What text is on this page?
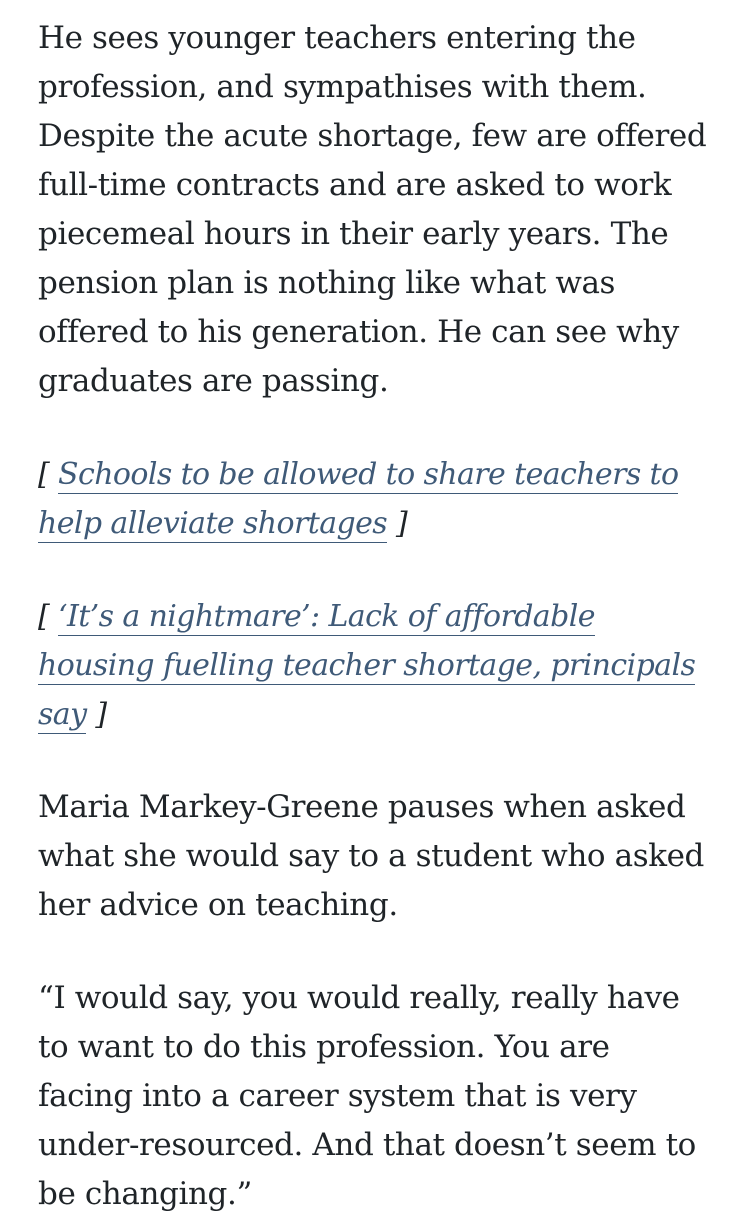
He sees younger teachers entering the profession, and sympathises with them. Despite the acute shortage, few are offered full-time contracts and are asked to work piecemeal hours in their early years. The pension plan is nothing like what was offered to his generation. He can see why graduates are passing.

[ Schools to be allowed to share teachers to help alleviate shortages ]

[ ‘It’s a nightmare’: Lack of affordable housing fuelling teacher shortage, principals say ]

Maria Markey-Greene pauses when asked what she would say to a student who asked her advice on teaching.

“I would say, you would really, really have to want to do this profession. You are facing into a career system that is very under-resourced. And that doesn’t seem to be changing.”
